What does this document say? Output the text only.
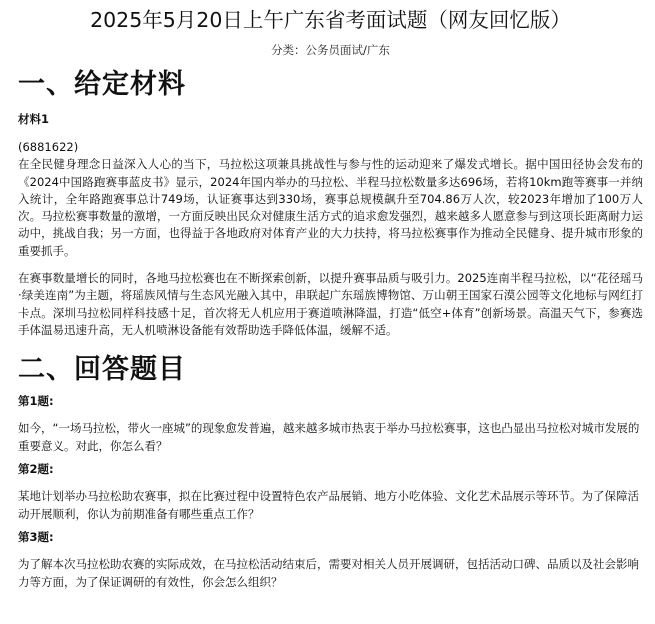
2025年5月20日上午广东省考面试题（网友回忆版）
分类：公务员面试/广东
一、给定材料
材料1

(6881622)
在全民健身理念日益深入人心的当下，马拉松这项兼具挑战性与参与性的运动迎来了爆发式增长。据中国田径协会发布的《2024中国路跑赛事蓝皮书》显示，2024年国内举办的马拉松、半程马拉松数量多达696场，若将10km跑等赛事一并纳入统计，全年路跑赛事总计749场，认证赛事达到330场，赛事总规模飙升至704.86万人次，较2023年增加了100万人次。马拉松赛事数量的激增，一方面反映出民众对健康生活方式的追求愈发强烈，越来越多人愿意参与到这项长距离耐力运动中，挑战自我；另一方面，也得益于各地政府对体育产业的大力扶持，将马拉松赛事作为推动全民健身、提升城市形象的重要抓手。

在赛事数量增长的同时，各地马拉松赛也在不断探索创新，以提升赛事品质与吸引力。2025连南半程马拉松，以“花径瑶马·绿美连南”为主题，将瑶族风情与生态风光融入其中，串联起广东瑶族博物馆、万山朝王国家石漠公园等文化地标与网红打卡点。深圳马拉松同样科技感十足，首次将无人机应用于赛道喷淋降温，打造“低空+体育”创新场景。高温天气下，参赛选手体温易迅速升高，无人机喷淋设备能有效帮助选手降低体温，缓解不适。

二、回答题目
第1题:

如今，“一场马拉松，带火一座城”的现象愈发普遍，越来越多城市热衷于举办马拉松赛事，这也凸显出马拉松对城市发展的重要意义。对此，你怎么看？

第2题:

某地计划举办马拉松助农赛事，拟在比赛过程中设置特色农产品展销、地方小吃体验、文化艺术品展示等环节。为了保障活动开展顺利，你认为前期准备有哪些重点工作？

第3题:

为了解本次马拉松助农赛的实际成效，在马拉松活动结束后，需要对相关人员开展调研，包括活动口碑、品质以及社会影响力等方面，为了保证调研的有效性，你会怎么组织？
